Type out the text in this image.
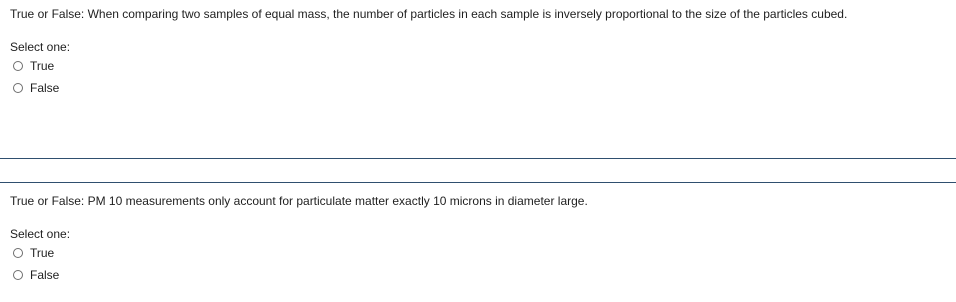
True or False: When comparing two samples of equal mass, the number of particles in each sample is inversely proportional to the size of the particles cubed.
Select one:
True
False
True or False: PM 10 measurements only account for particulate matter exactly 10 microns in diameter large.
Select one:
True
False
